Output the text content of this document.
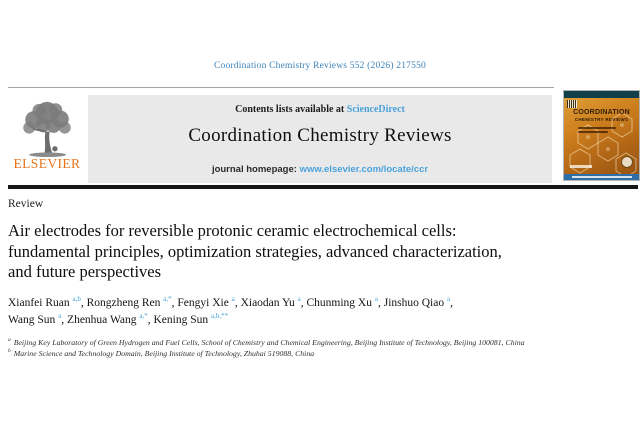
Coordination Chemistry Reviews 552 (2026) 217550
ELSEVIER
Contents lists available at ScienceDirect
Coordination Chemistry Reviews
journal homepage: www.elsevier.com/locate/ccr
COORDINATION
CHEMISTRY REVIEWS
Review
Air electrodes for reversible protonic ceramic electrochemical cells:
fundamental principles, optimization strategies, advanced characterization,
and future perspectives
Xianfei Ruan $^{a,b}$, Rongzheng Ren $^{a,*}$, Fengyi Xie $^a$, Xiaodan Yu $^a$, Chunming Xu $^a$, Jinshuo Qiao $^a$,
Wang Sun $^a$, Zhenhua Wang $^{a,*}$, Kening Sun $^{a,b,**}$
$^a$ Beijing Key Laboratory of Green Hydrogen and Fuel Cells, School of Chemistry and Chemical Engineering, Beijing Institute of Technology, Beijing 100081, China
$^b$ Marine Science and Technology Domain, Beijing Institute of Technology, Zhuhai 519088, China
